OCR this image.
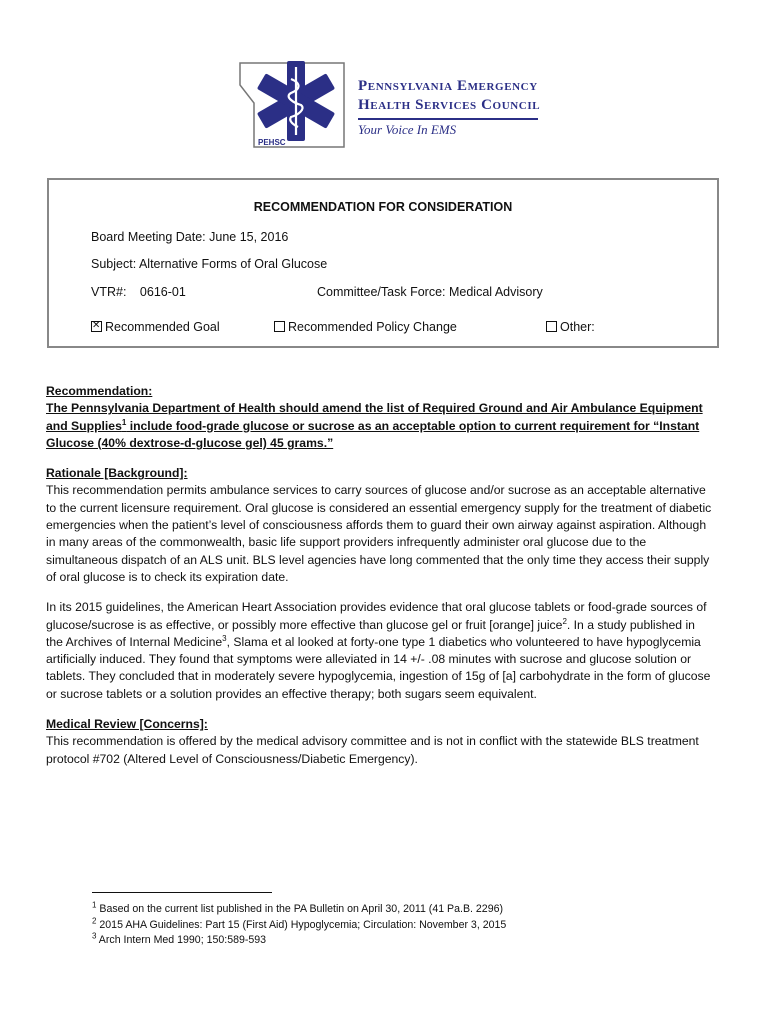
PEHSC
Pennsylvania Emergency
Health Services Council
Your Voice In EMS
RECOMMENDATION FOR CONSIDERATION
Board Meeting Date: June 15, 2016
Subject: Alternative Forms of Oral Glucose
VTR#: 0616-01	Committee/Task Force: Medical Advisory
✕Recommended Goal	Recommended Policy Change	Other:
Recommendation:
The Pennsylvania Department of Health should amend the list of Required Ground and Air Ambulance Equipment and Supplies$^1$ include food-grade glucose or sucrose as an acceptable option to current requirement for “Instant Glucose (40% dextrose-d-glucose gel) 45 grams.”
Rationale [Background]:
This recommendation permits ambulance services to carry sources of glucose and/or sucrose as an acceptable alternative to the current licensure requirement. Oral glucose is considered an essential emergency supply for the treatment of diabetic emergencies when the patient’s level of consciousness affords them to guard their own airway against aspiration. Although in many areas of the commonwealth, basic life support providers infrequently administer oral glucose due to the simultaneous dispatch of an ALS unit. BLS level agencies have long commented that the only time they access their supply of oral glucose is to check its expiration date.
In its 2015 guidelines, the American Heart Association provides evidence that oral glucose tablets or food-grade sources of glucose/sucrose is as effective, or possibly more effective than glucose gel or fruit [orange] juice$^2$. In a study published in the Archives of Internal Medicine$^3$, Slama et al looked at forty-one type 1 diabetics who volunteered to have hypoglycemia artificially induced. They found that symptoms were alleviated in 14 +/- .08 minutes with sucrose and glucose solution or tablets. They concluded that in moderately severe hypoglycemia, ingestion of 15g of [a] carbohydrate in the form of glucose or sucrose tablets or a solution provides an effective therapy; both sugars seem equivalent.
Medical Review [Concerns]:
This recommendation is offered by the medical advisory committee and is not in conflict with the statewide BLS treatment protocol #702 (Altered Level of Consciousness/Diabetic Emergency).
$^1$ Based on the current list published in the PA Bulletin on April 30, 2011 (41 Pa.B. 2296)
$^2$ 2015 AHA Guidelines: Part 15 (First Aid) Hypoglycemia; Circulation: November 3, 2015
$^3$ Arch Intern Med 1990; 150:589-593
